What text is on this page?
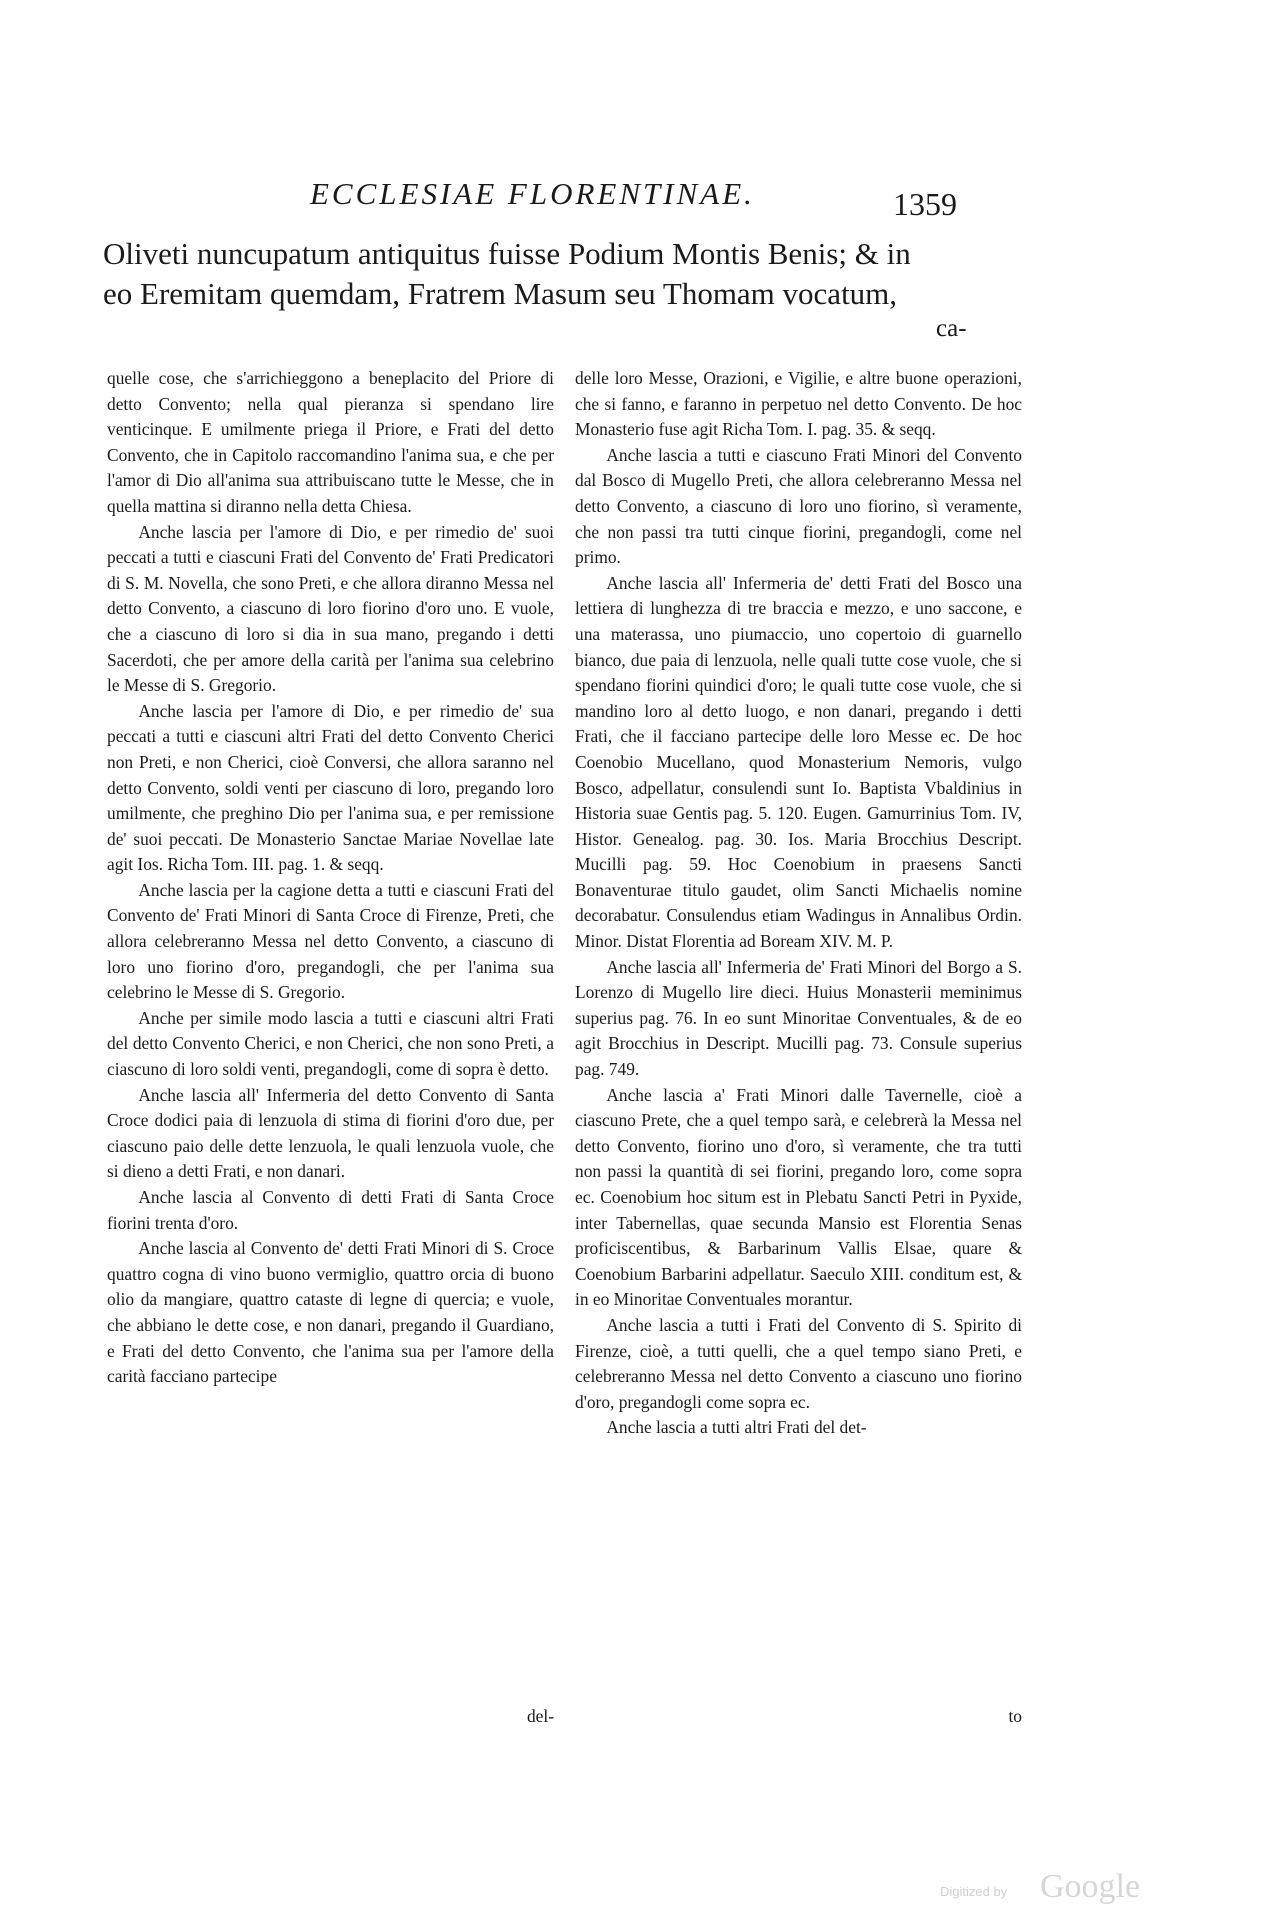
ECCLESIAE FLORENTINAE.	1359
Oliveti nuncupatum antiquitus fuisse Podium Montis Benis; & in
eo Eremitam quemdam, Fratrem Masum seu Thomam vocatum,
ca-

quelle cose, che s'arrichieggono a beneplacito del Priore di detto Convento; nella qual pieranza si spendano lire venticinque. E umilmente priega il Priore, e Frati del detto Convento, che in Capitolo raccomandino l'anima sua, e che per l'amor di Dio all'anima sua attribuiscano tutte le Messe, che in quella mattina si diranno nella detta Chiesa.

Anche lascia per l'amore di Dio, e per rimedio de' suoi peccati a tutti e ciascuni Frati del Convento de' Frati Predicatori di S. M. Novella, che sono Preti, e che allora diranno Messa nel detto Convento, a ciascuno di loro fiorino d'oro uno. E vuole, che a ciascuno di loro si dia in sua mano, pregando i detti Sacerdoti, che per amore della carità per l'anima sua celebrino le Messe di S. Gregorio.

Anche lascia per l'amore di Dio, e per rimedio de' sua peccati a tutti e ciascuni altri Frati del detto Convento Cherici non Preti, e non Cherici, cioè Conversi, che allora saranno nel detto Convento, soldi venti per ciascuno di loro, pregando loro umilmente, che preghino Dio per l'anima sua, e per remissione de' suoi peccati. De Monasterio Sanctae Mariae Novellae late agit Ios. Richa Tom. III. pag. 1. & seqq.

Anche lascia per la cagione detta a tutti e ciascuni Frati del Convento de' Frati Minori di Santa Croce di Firenze, Preti, che allora celebreranno Messa nel detto Convento, a ciascuno di loro uno fiorino d'oro, pregandogli, che per l'anima sua celebrino le Messe di S. Gregorio.

Anche per simile modo lascia a tutti e ciascuni altri Frati del detto Convento Cherici, e non Cherici, che non sono Preti, a ciascuno di loro soldi venti, pregandogli, come di sopra è detto.

Anche lascia all' Infermeria del detto Convento di Santa Croce dodici paia di lenzuola di stima di fiorini d'oro due, per ciascuno paio delle dette lenzuola, le quali lenzuola vuole, che si dieno a detti Frati, e non danari.

Anche lascia al Convento di detti Frati di Santa Croce fiorini trenta d'oro.

Anche lascia al Convento de' detti Frati Minori di S. Croce quattro cogna di vino buono vermiglio, quattro orcia di buono olio da mangiare, quattro cataste di legne di quercia; e vuole, che abbiano le dette cose, e non danari, pregando il Guardiano, e Frati del detto Convento, che l'anima sua per l'amore della carità facciano partecipe

del-

delle loro Messe, Orazioni, e Vigilie, e altre buone operazioni, che si fanno, e faranno in perpetuo nel detto Convento. De hoc Monasterio fuse agit Richa Tom. I. pag. 35. & seqq.

Anche lascia a tutti e ciascuno Frati Minori del Convento dal Bosco di Mugello Preti, che allora celebreranno Messa nel detto Convento, a ciascuno di loro uno fiorino, sì veramente, che non passi tra tutti cinque fiorini, pregandogli, come nel primo.

Anche lascia all' Infermeria de' detti Frati del Bosco una lettiera di lunghezza di tre braccia e mezzo, e uno saccone, e una materassa, uno piumaccio, uno copertoio di guarnello bianco, due paia di lenzuola, nelle quali tutte cose vuole, che si spendano fiorini quindici d'oro; le quali tutte cose vuole, che si mandino loro al detto luogo, e non danari, pregando i detti Frati, che il facciano partecipe delle loro Messe ec. De hoc Coenobio Mucellano, quod Monasterium Nemoris, vulgo Bosco, adpellatur, consulendi sunt Io. Baptista Vbaldinius in Historia suae Gentis pag. 5. 120. Eugen. Gamurrinius Tom. IV, Histor. Genealog. pag. 30. Ios. Maria Brocchius Descript. Mucilli pag. 59. Hoc Coenobium in praesens Sancti Bonaventurae titulo gaudet, olim Sancti Michaelis nomine decorabatur. Consulendus etiam Wadingus in Annalibus Ordin. Minor. Distat Florentia ad Boream XIV. M. P.

Anche lascia all' Infermeria de' Frati Minori del Borgo a S. Lorenzo di Mugello lire dieci. Huius Monasterii meminimus superius pag. 76. In eo sunt Minoritae Conventuales, & de eo agit Brocchius in Descript. Mucilli pag. 73. Consule superius pag. 749.

Anche lascia a' Frati Minori dalle Tavernelle, cioè a ciascuno Prete, che a quel tempo sarà, e celebrerà la Messa nel detto Convento, fiorino uno d'oro, sì veramente, che tra tutti non passi la quantità di sei fiorini, pregando loro, come sopra ec. Coenobium hoc situm est in Plebatu Sancti Petri in Pyxide, inter Tabernellas, quae secunda Mansio est Florentia Senas proficiscentibus, & Barbarinum Vallis Elsae, quare & Coenobium Barbarini adpellatur. Saeculo XIII. conditum est, & in eo Minoritae Conventuales morantur.

Anche lascia a tutti i Frati del Convento di S. Spirito di Firenze, cioè, a tutti quelli, che a quel tempo siano Preti, e celebreranno Messa nel detto Convento a ciascuno uno fiorino d'oro, pregandogli come sopra ec.

Anche lascia a tutti altri Frati del det-

to
Digitized by Google
